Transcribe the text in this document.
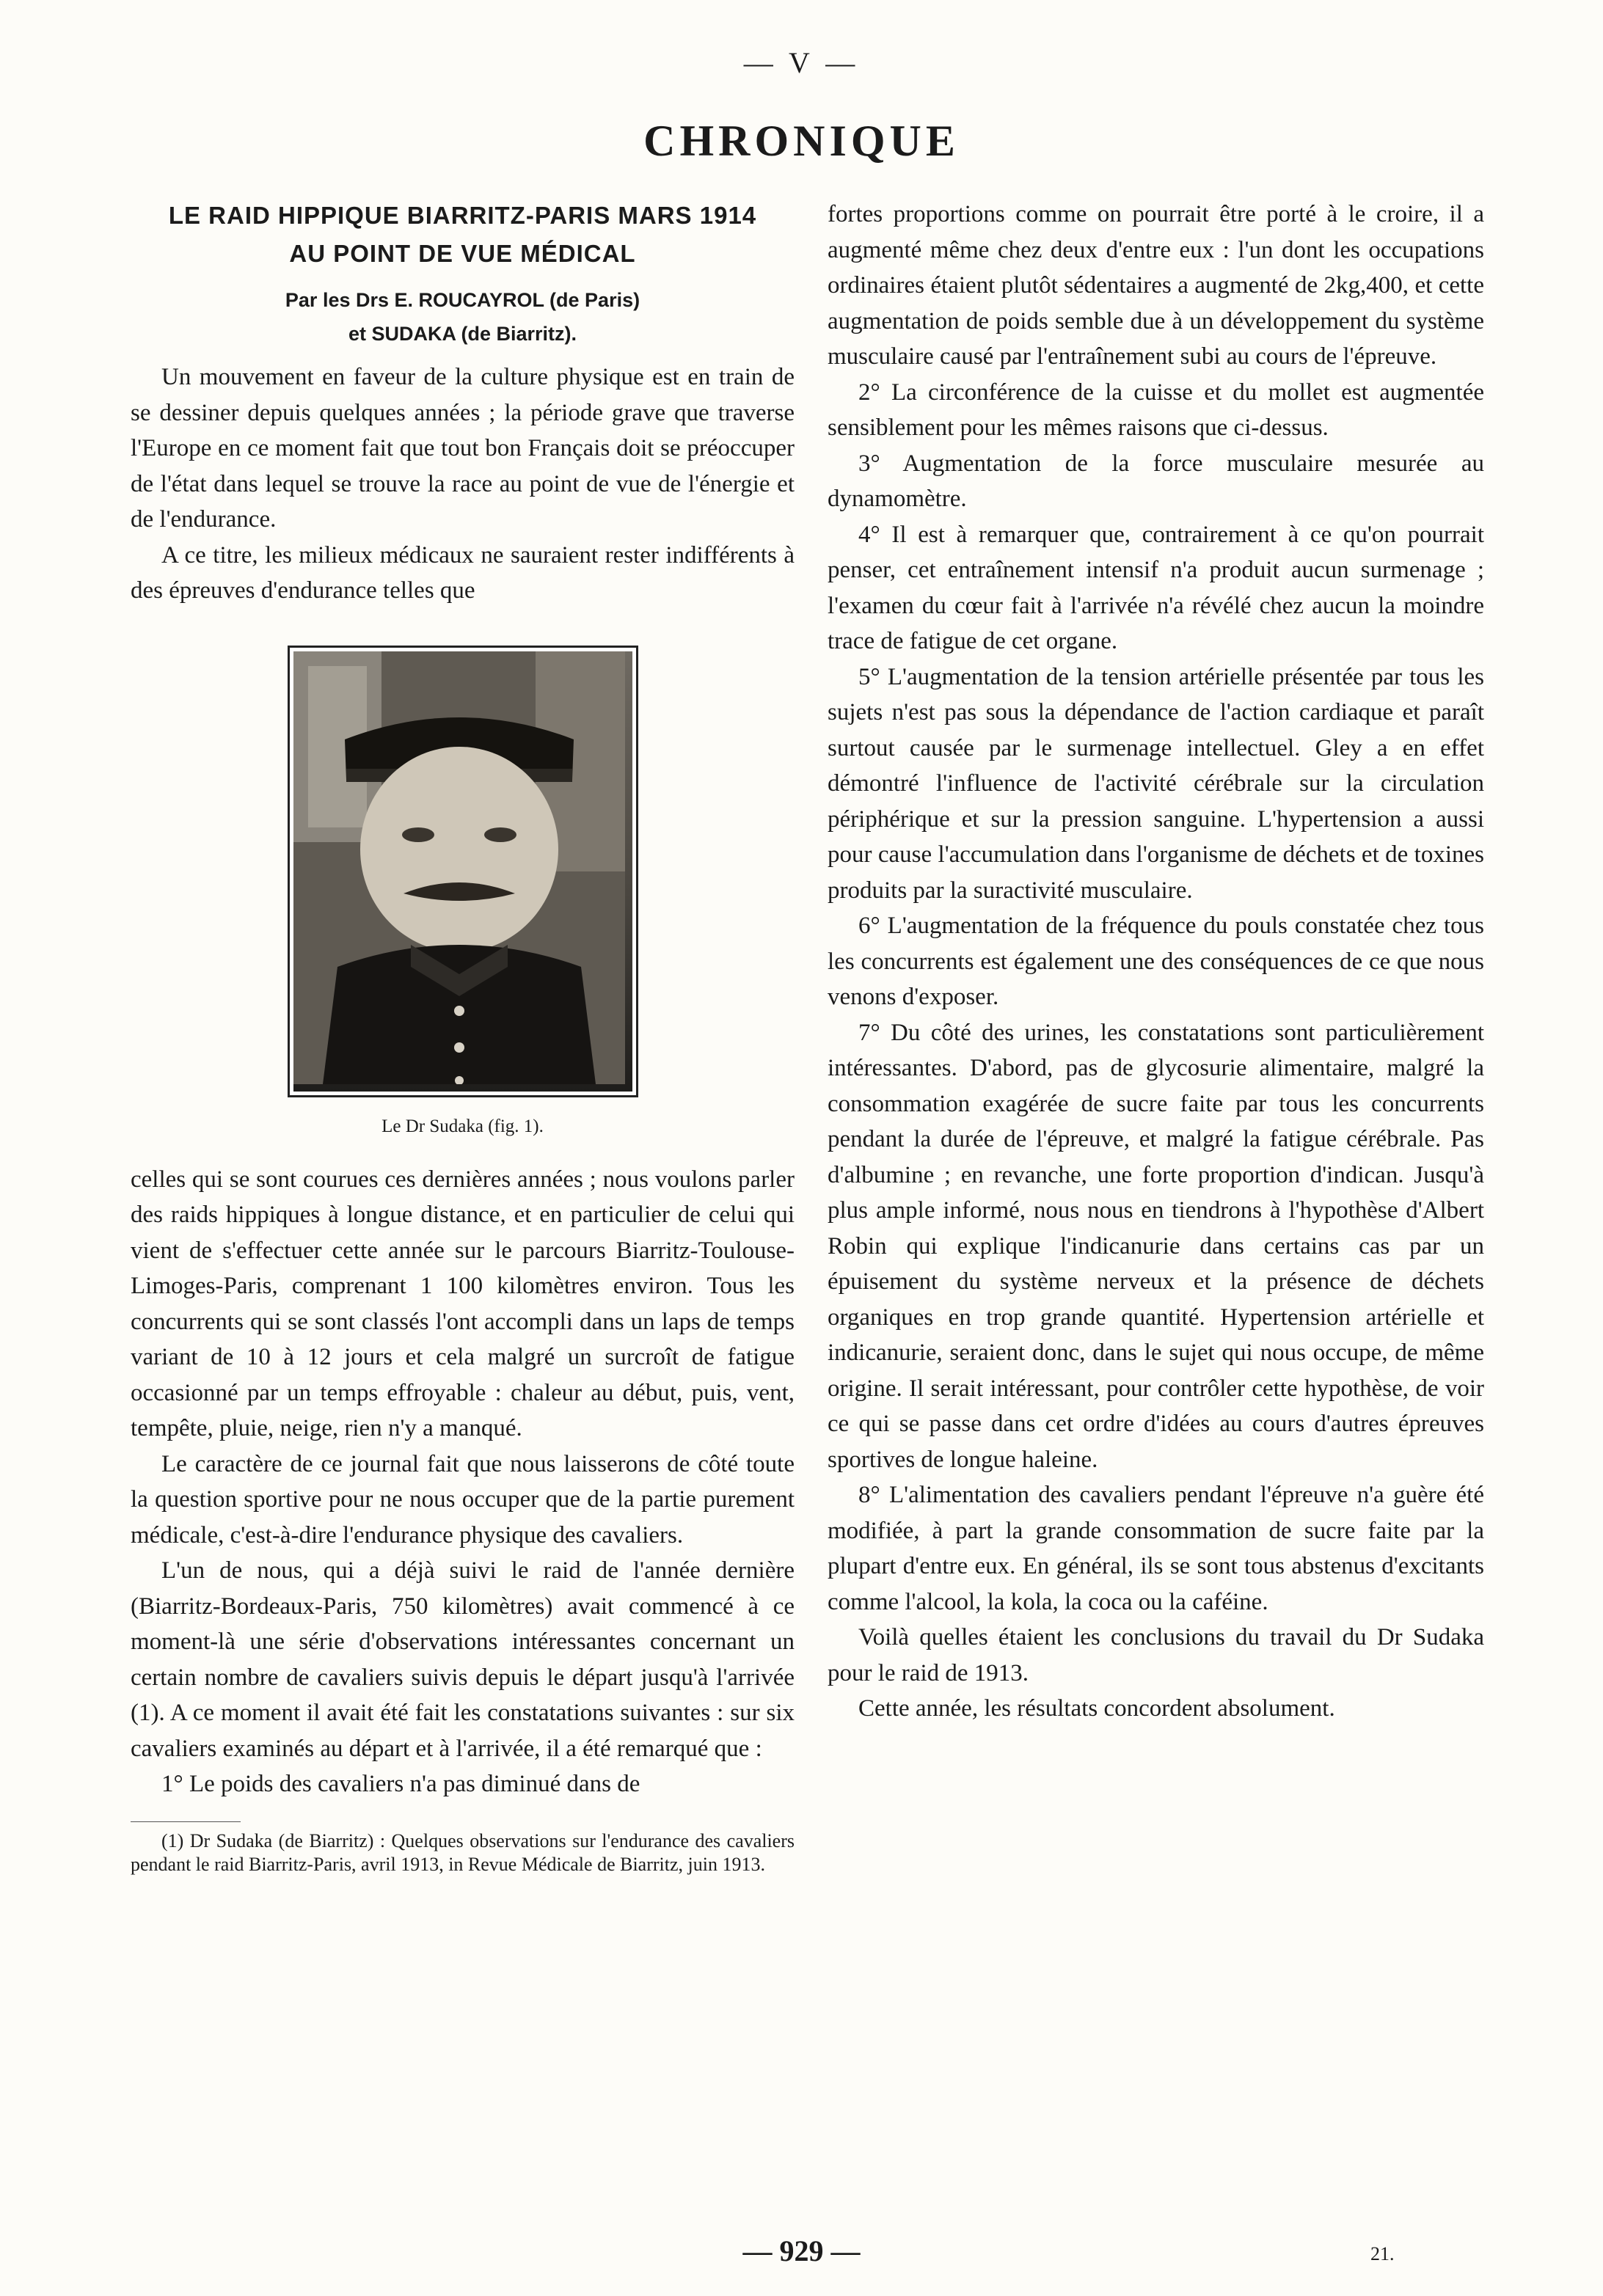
— V —
CHRONIQUE
LE RAID HIPPIQUE BIARRITZ-PARIS MARS 1914
AU POINT DE VUE MÉDICAL
Par les Drs E. ROUCAYROL (de Paris)
et SUDAKA (de Biarritz).

Un mouvement en faveur de la culture physique est en train de se dessiner depuis quelques années ; la période grave que traverse l'Europe en ce moment fait que tout bon Français doit se préoccuper de l'état dans lequel se trouve la race au point de vue de l'énergie et de l'endurance.

A ce titre, les milieux médicaux ne sauraient rester indifférents à des épreuves d'endurance telles que

Le Dr Sudaka (fig. 1).

celles qui se sont courues ces dernières années ; nous voulons parler des raids hippiques à longue distance, et en particulier de celui qui vient de s'effectuer cette année sur le parcours Biarritz-Toulouse-Limoges-Paris, comprenant 1 100 kilomètres environ. Tous les concurrents qui se sont classés l'ont accompli dans un laps de temps variant de 10 à 12 jours et cela malgré un surcroît de fatigue occasionné par un temps effroyable : chaleur au début, puis, vent, tempête, pluie, neige, rien n'y a manqué.

Le caractère de ce journal fait que nous laisserons de côté toute la question sportive pour ne nous occuper que de la partie purement médicale, c'est-à-dire l'endurance physique des cavaliers.

L'un de nous, qui a déjà suivi le raid de l'année dernière (Biarritz-Bordeaux-Paris, 750 kilomètres) avait commencé à ce moment-là une série d'observations intéressantes concernant un certain nombre de cavaliers suivis depuis le départ jusqu'à l'arrivée (1). A ce moment il avait été fait les constatations suivantes : sur six cavaliers examinés au départ et à l'arrivée, il a été remarqué que :

1° Le poids des cavaliers n'a pas diminué dans de

(1) Dr Sudaka (de Biarritz) : Quelques observations sur l'endurance des cavaliers pendant le raid Biarritz-Paris, avril 1913, in Revue Médicale de Biarritz, juin 1913.

fortes proportions comme on pourrait être porté à le croire, il a augmenté même chez deux d'entre eux : l'un dont les occupations ordinaires étaient plutôt sédentaires a augmenté de 2kg,400, et cette augmentation de poids semble due à un développement du système musculaire causé par l'entraînement subi au cours de l'épreuve.

2° La circonférence de la cuisse et du mollet est augmentée sensiblement pour les mêmes raisons que ci-dessus.

3° Augmentation de la force musculaire mesurée au dynamomètre.

4° Il est à remarquer que, contrairement à ce qu'on pourrait penser, cet entraînement intensif n'a produit aucun surmenage ; l'examen du cœur fait à l'arrivée n'a révélé chez aucun la moindre trace de fatigue de cet organe.

5° L'augmentation de la tension artérielle présentée par tous les sujets n'est pas sous la dépendance de l'action cardiaque et paraît surtout causée par le surmenage intellectuel. Gley a en effet démontré l'influence de l'activité cérébrale sur la circulation périphérique et sur la pression sanguine. L'hypertension a aussi pour cause l'accumulation dans l'organisme de déchets et de toxines produits par la suractivité musculaire.

6° L'augmentation de la fréquence du pouls constatée chez tous les concurrents est également une des conséquences de ce que nous venons d'exposer.

7° Du côté des urines, les constatations sont particulièrement intéressantes. D'abord, pas de glycosurie alimentaire, malgré la consommation exagérée de sucre faite par tous les concurrents pendant la durée de l'épreuve, et malgré la fatigue cérébrale. Pas d'albumine ; en revanche, une forte proportion d'indican. Jusqu'à plus ample informé, nous nous en tiendrons à l'hypothèse d'Albert Robin qui explique l'indicanurie dans certains cas par un épuisement du système nerveux et la présence de déchets organiques en trop grande quantité. Hypertension artérielle et indicanurie, seraient donc, dans le sujet qui nous occupe, de même origine. Il serait intéressant, pour contrôler cette hypothèse, de voir ce qui se passe dans cet ordre d'idées au cours d'autres épreuves sportives de longue haleine.

8° L'alimentation des cavaliers pendant l'épreuve n'a guère été modifiée, à part la grande consommation de sucre faite par la plupart d'entre eux. En général, ils se sont tous abstenus d'excitants comme l'alcool, la kola, la coca ou la caféine.

Voilà quelles étaient les conclusions du travail du Dr Sudaka pour le raid de 1913.

Cette année, les résultats concordent absolument.

— 929 —	21.
